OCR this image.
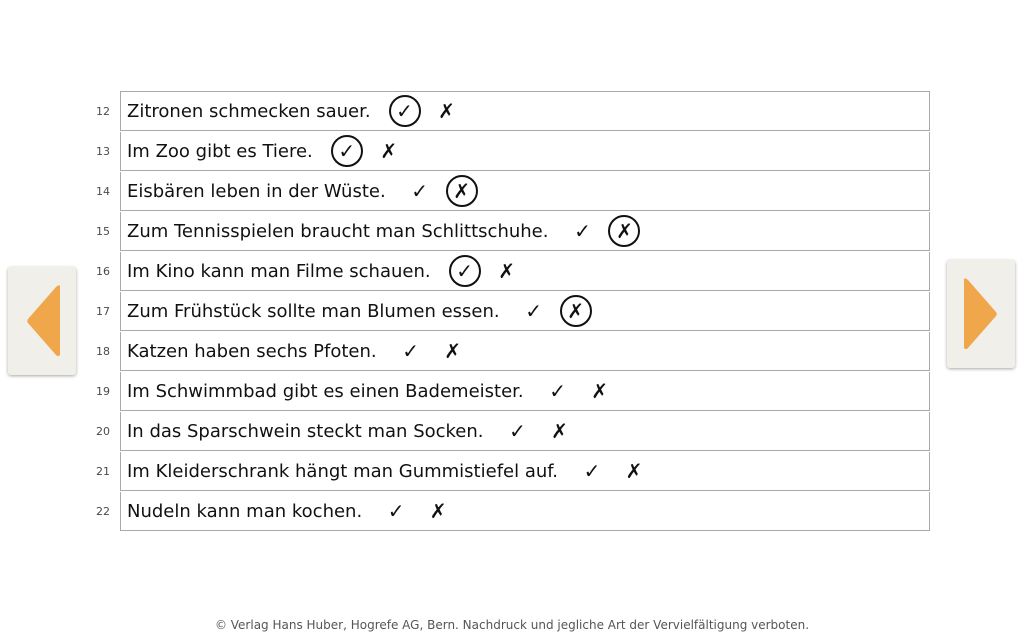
12 Zitronen schmecken sauer.	✓	✗
13 Im Zoo gibt es Tiere.	✓	✗
14 Eisbären leben in der Wüste.	✓	✗
15 Zum Tennisspielen braucht man Schlittschuhe.	✓	✗
16 Im Kino kann man Filme schauen.	✓	✗
17 Zum Frühstück sollte man Blumen essen.	✓	✗
18 Katzen haben sechs Pfoten.	✓	✗
19 Im Schwimmbad gibt es einen Bademeister.	✓	✗
20 In das Sparschwein steckt man Socken.	✓	✗
21 Im Kleiderschrank hängt man Gummistiefel auf.	✓	✗
22 Nudeln kann man kochen.	✓	✗
© Verlag Hans Huber, Hogrefe AG, Bern. Nachdruck und jegliche Art der Vervielfältigung verboten.
